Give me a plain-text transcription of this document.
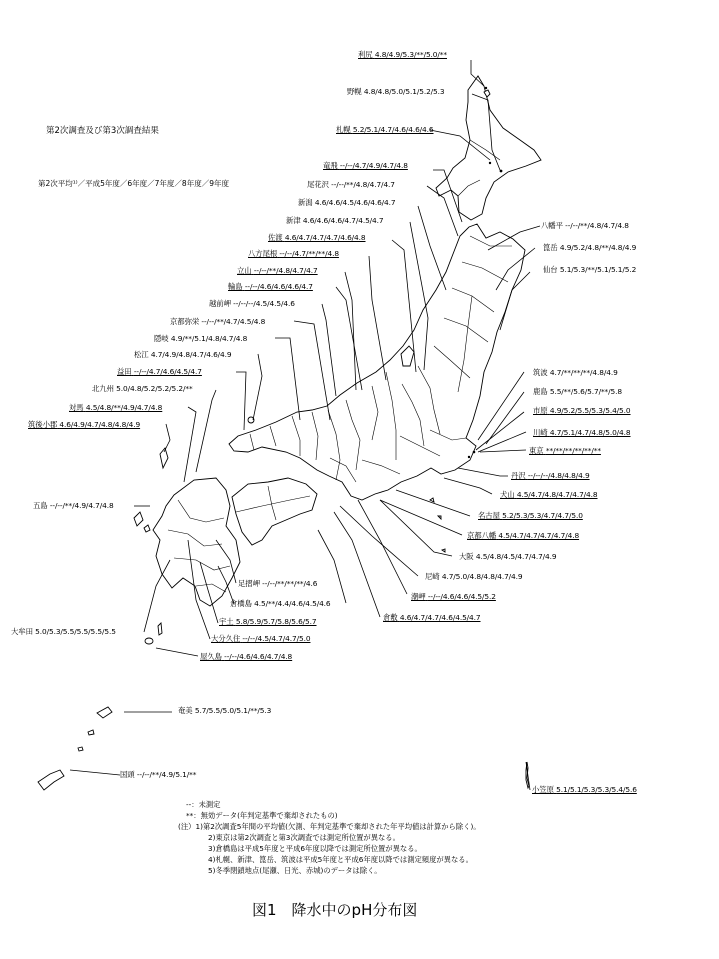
第2次調査及び第3次調査結果
第2次平均¹⁾／平成5年度／6年度／7年度／8年度／9年度
利尻 4.8/4.9/5.3/**/5.0/**
野幌 4.8/4.8/5.0/5.1/5.2/5.3
札幌 5.2/5.1/4.7/4.6/4.6/4.6
竜飛 --/--/4.7/4.9/4.7/4.8
尾花沢 --/--/**/4.8/4.7/4.7
新潟 4.6/4.6/4.5/4.6/4.6/4.7
新津 4.6/4.6/4.6/4.7/4.5/4.7
佐渡 4.6/4.7/4.7/4.7/4.6/4.8
八方尾根 --/--/4.7/**/**/4.8
立山 --/--/**/4.8/4.7/4.7
輪島 --/--/4.6/4.6/4.6/4.7
越前岬 --/--/--/4.5/4.5/4.6
京都弥栄 --/--/**/4.7/4.5/4.8
隠岐 4.9/**/5.1/4.8/4.7/4.8
松江 4.7/4.9/4.8/4.7/4.6/4.9
益田 --/--/4.7/4.6/4.5/4.7
北九州 5.0/4.8/5.2/5.2/5.2/**
対馬 4.5/4.8/**/4.9/4.7/4.8
筑後小郡 4.6/4.9/4.7/4.8/4.8/4.9
五島 --/--/**/4.9/4.7/4.8
大牟田 5.0/5.3/5.5/5.5/5.5/5.5
足摺岬 --/--/**/**/**/4.6
倉橋島 4.5/**/4.4/4.6/4.5/4.6
宇土 5.8/5.9/5.7/5.8/5.6/5.7
大分久住 --/--/4.5/4.7/4.7/5.0
屋久島 --/--/4.6/4.6/4.7/4.8
奄美 5.7/5.5/5.0/5.1/**/5.3
国頭 --/--/**/4.9/5.1/**
八幡平 --/--/**/4.8/4.7/4.8
箟岳 4.9/5.2/4.8/**/4.8/4.9
仙台 5.1/5.3/**/5.1/5.1/5.2
筑波 4.7/**/**/**/4.8/4.9
鹿島 5.5/**/5.6/5.7/**/5.8
市原 4.9/5.2/5.5/5.3/5.4/5.0
川崎 4.7/5.1/4.7/4.8/5.0/4.8
東京 **/**/**/**/**/**
丹沢 --/--/--/4.8/4.8/4.9
犬山 4.5/4.7/4.8/4.7/4.7/4.8
名古屋 5.2/5.3/5.3/4.7/4.7/5.0
京都八幡 4.5/4.7/4.7/4.7/4.7/4.8
大阪 4.5/4.8/4.5/4.7/4.7/4.9
尼崎 4.7/5.0/4.8/4.8/4.7/4.9
潮岬 --/--/4.6/4.6/4.5/5.2
倉敷 4.6/4.7/4.7/4.6/4.5/4.7
小笠原 5.1/5.1/5.3/5.3/5.4/5.6
--：未測定
**：無効データ(年判定基準で棄却されたもの)
(注）1)第2次調査5年間の平均値(欠測、年判定基準で棄却された年平均値は計算から除く)。
2)東京は第2次調査と第3次調査では測定所位置が異なる。
3)倉橋島は平成5年度と平成6年度以降では測定所位置が異なる。
4)札幌、新津、箟岳、筑波は平成5年度と平成6年度以降では測定頻度が異なる。
5)冬季閉鎖地点(尾瀬、日光、赤城)のデータは除く。
図1　降水中のpH分布図
